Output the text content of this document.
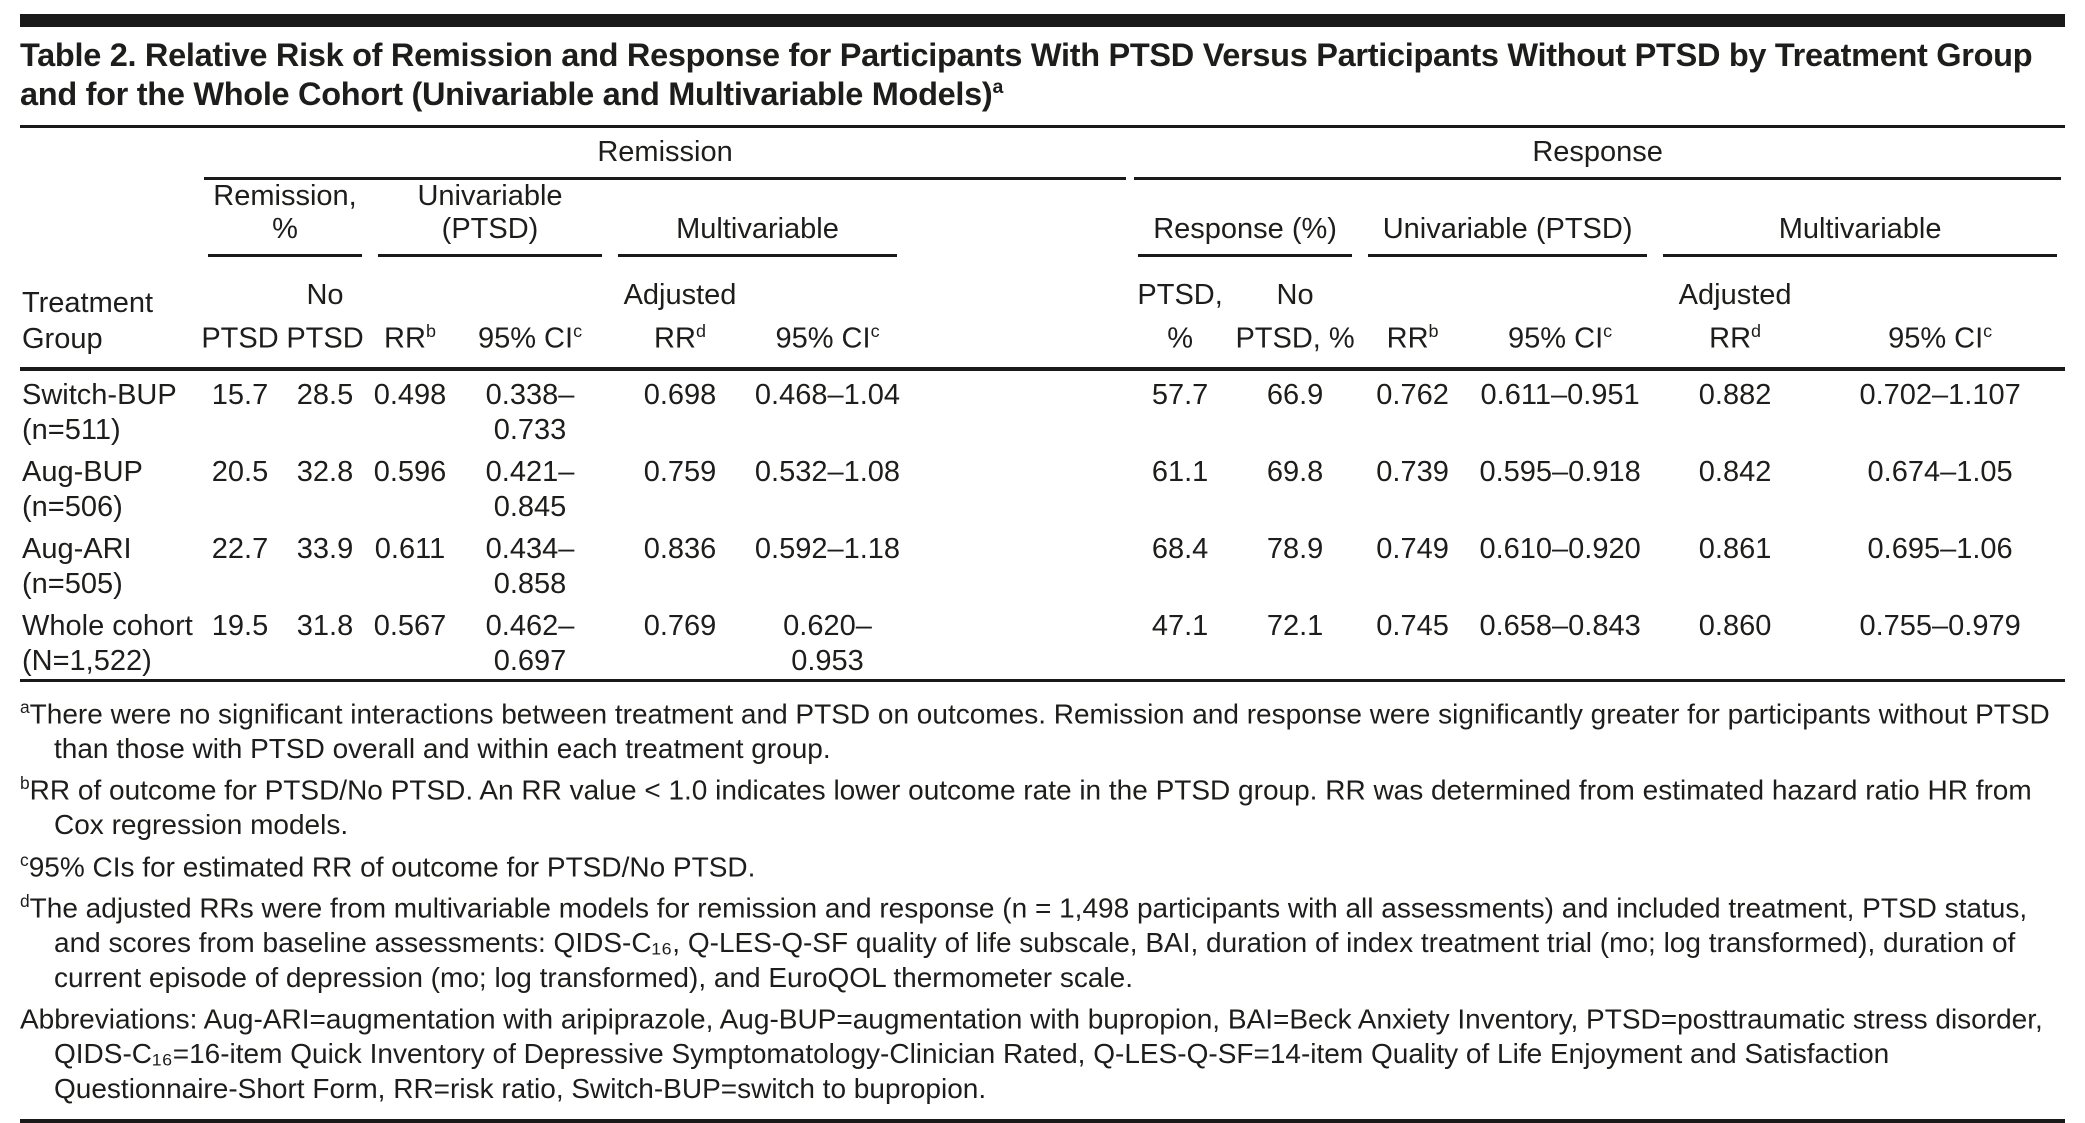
Table 2. Relative Risk of Remission and Response for Participants With PTSD Versus Participants Without PTSD by Treatment Group and for the Whole Cohort (Univariable and Multivariable Models)$^a$
Treatment Group	Remission							Response					

	Remission, %		Univariable (PTSD)		Multivariable			Response (%)		Univariable (PTSD)		Multivariable	

	PTSD	No PTSD	$RR^b$	95% $CI^c$	Adjusted $RR^d$	95% $CI^c$		PTSD, %	No PTSD, %	$RR^b$	95% $CI^c$	Adjusted $RR^d$	95% $CI^c$

Switch-BUP
(n=511)	15.7	28.5	0.498	0.338–0.733	0.698	0.468–1.04		57.7	66.9	0.762	0.611–0.951	0.882	0.702–1.107

Aug-BUP
(n=506)	20.5	32.8	0.596	0.421–0.845	0.759	0.532–1.08		61.1	69.8	0.739	0.595–0.918	0.842	0.674–1.05

Aug-ARI
(n=505)	22.7	33.9	0.611	0.434–0.858	0.836	0.592–1.18		68.4	78.9	0.749	0.610–0.920	0.861	0.695–1.06

Whole cohort
(N=1,522)	19.5	31.8	0.567	0.462–0.697	0.769	0.620–0.953		47.1	72.1	0.745	0.658–0.843	0.860	0.755–0.979

$^a$There were no significant interactions between treatment and PTSD on outcomes. Remission and response were significantly greater for participants without PTSD than those with PTSD overall and within each treatment group.

$^b$RR of outcome for PTSD/No PTSD. An RR value < 1.0 indicates lower outcome rate in the PTSD group. RR was determined from estimated hazard ratio HR from Cox regression models.

$^c$95% CIs for estimated RR of outcome for PTSD/No PTSD.

$^d$The adjusted RRs were from multivariable models for remission and response (n = 1,498 participants with all assessments) and included treatment, PTSD status, and scores from baseline assessments: QIDS-C₁₆, Q-LES-Q-SF quality of life subscale, BAI, duration of index treatment trial (mo; log transformed), duration of current episode of depression (mo; log transformed), and EuroQOL thermometer scale.

Abbreviations: Aug-ARI=augmentation with aripiprazole, Aug-BUP=augmentation with bupropion, BAI=Beck Anxiety Inventory, PTSD=posttraumatic stress disorder, QIDS-C₁₆=16-item Quick Inventory of Depressive Symptomatology-Clinician Rated, Q-LES-Q-SF=14-item Quality of Life Enjoyment and Satisfaction Questionnaire-Short Form, RR=risk ratio, Switch-BUP=switch to bupropion.
